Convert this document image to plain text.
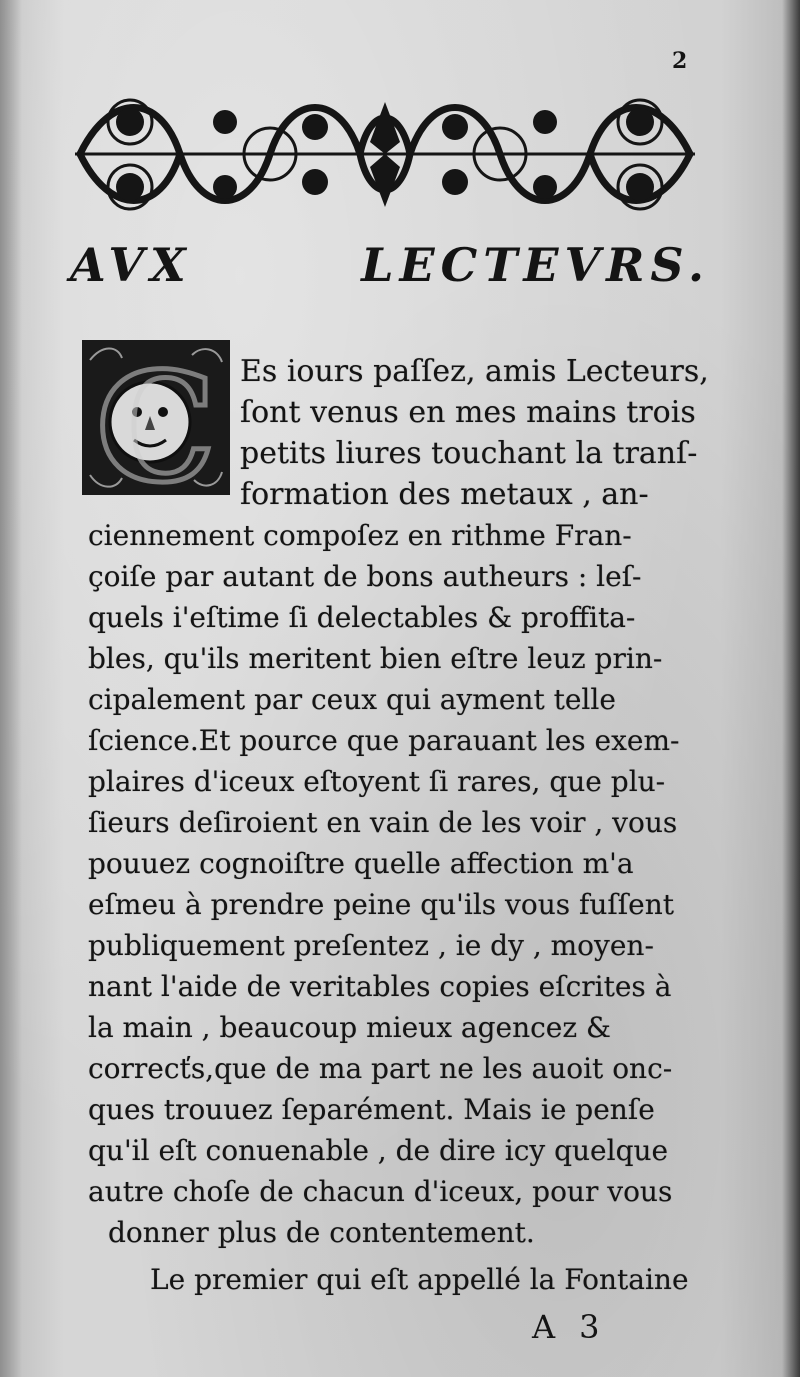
2
AVX	LECTEVRS.
C Es iours paſſez, amis Lecteurs,
ſont venus en mes mains trois
petits liures touchant la tranſ-
formation des metaux , an-
ciennement compoſez en rithme Fran-
çoiſe par autant de bons autheurs : leſ-
quels i'eſtime ſi delectables & proffita-
bles, qu'ils meritent bien eſtre leuz prin-
cipalement par ceux qui ayment telle
ſcience.Et pource que parauant les exem-
plaires d'iceux eſtoyent ſi rares, que plu-
ſieurs deſiroient en vain de les voir , vous
pouuez cognoiſtre quelle affection m'a
eſmeu à prendre peine qu'ils vous fuſſent
publiquement preſentez , ie dy , moyen-
nant l'aide de veritables copies eſcrites à
la main , beaucoup mieux agencez &
correcťs,que de ma part ne les auoit onc-
ques trouuez ſeparément. Mais ie penſe
qu'il eſt conuenable , de dire icy quelque
autre choſe de chacun d'iceux, pour vous
donner plus de contentement.
Le premier qui eſt appellé la Fontaine
A 3
